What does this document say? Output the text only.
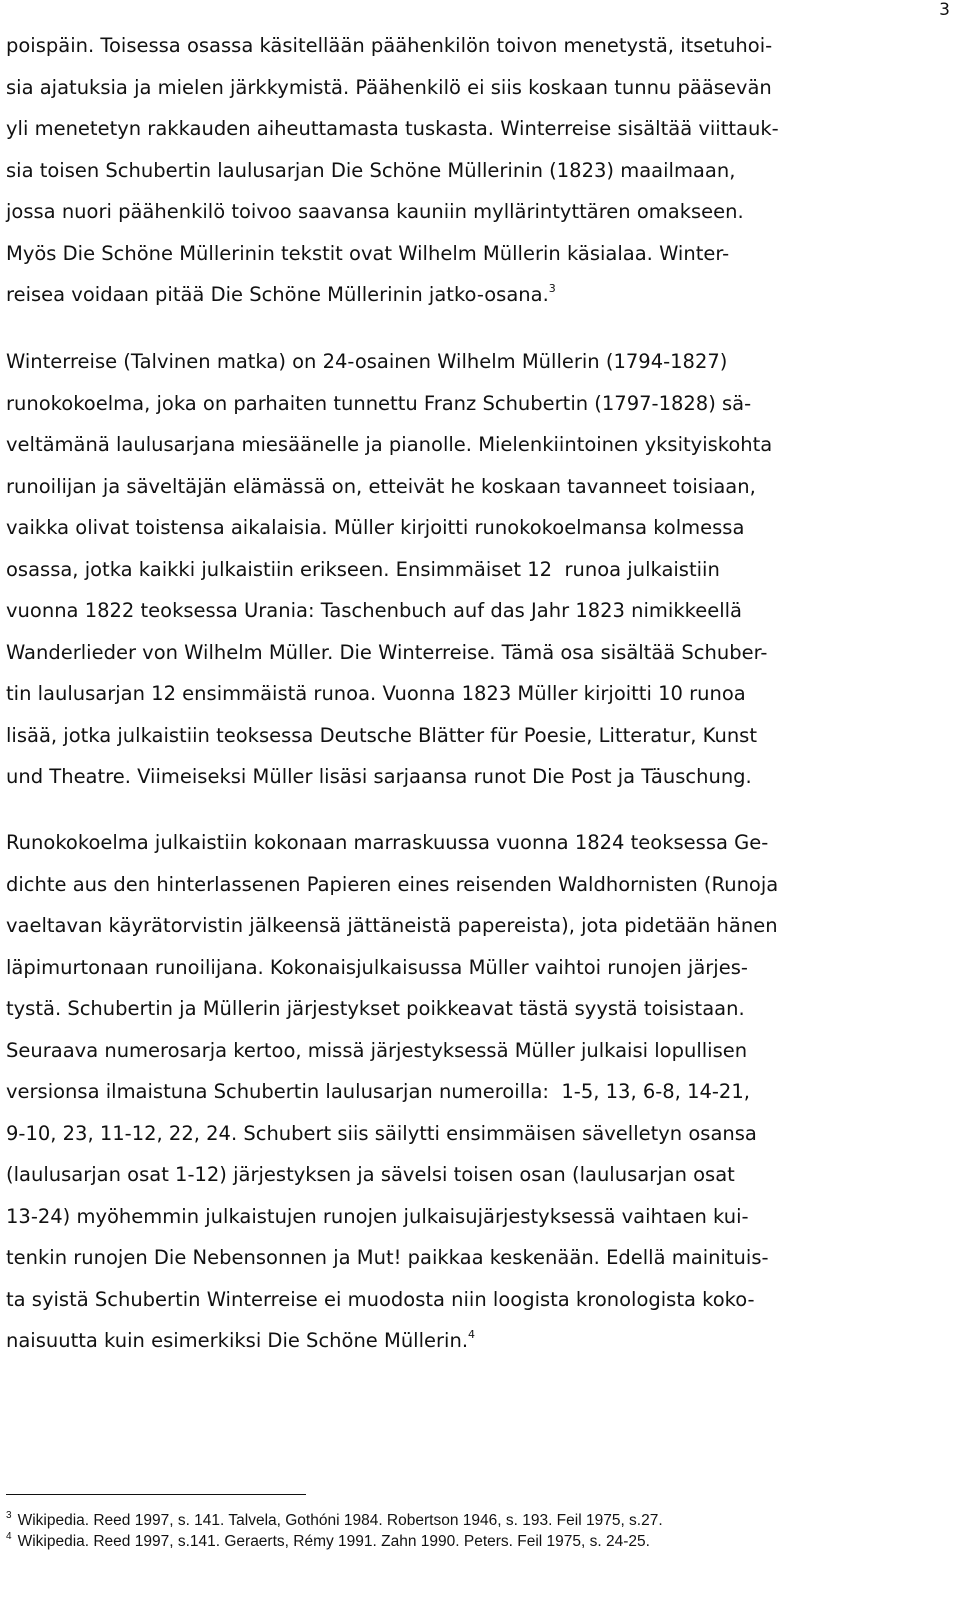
3
poispäin. Toisessa osassa käsitellään päähenkilön toivon menetystä, itsetuhoi-
sia ajatuksia ja mielen järkkymistä. Päähenkilö ei siis koskaan tunnu pääsevän
yli menetetyn rakkauden aiheuttamasta tuskasta. Winterreise sisältää viittauk-
sia toisen Schubertin laulusarjan Die Schöne Müllerinin (1823) maailmaan,
jossa nuori päähenkilö toivoo saavansa kauniin myllärintyttären omakseen.
Myös Die Schöne Müllerinin tekstit ovat Wilhelm Müllerin käsialaa. Winter-
reisea voidaan pitää Die Schöne Müllerinin jatko-osana.$^3$
Winterreise (Talvinen matka) on 24-osainen Wilhelm Müllerin (1794-1827)
runokokoelma, joka on parhaiten tunnettu Franz Schubertin (1797-1828) sä-
veltämänä laulusarjana miesäänelle ja pianolle. Mielenkiintoinen yksityiskohta
runoilijan ja säveltäjän elämässä on, etteivät he koskaan tavanneet toisiaan,
vaikka olivat toistensa aikalaisia. Müller kirjoitti runokokoelmansa kolmessa
osassa, jotka kaikki julkaistiin erikseen. Ensimmäiset 12  runoa julkaistiin
vuonna 1822 teoksessa Urania: Taschenbuch auf das Jahr 1823 nimikkeellä
Wanderlieder von Wilhelm Müller. Die Winterreise. Tämä osa sisältää Schuber-
tin laulusarjan 12 ensimmäistä runoa. Vuonna 1823 Müller kirjoitti 10 runoa
lisää, jotka julkaistiin teoksessa Deutsche Blätter für Poesie, Litteratur, Kunst
und Theatre. Viimeiseksi Müller lisäsi sarjaansa runot Die Post ja Täuschung.
Runokokoelma julkaistiin kokonaan marraskuussa vuonna 1824 teoksessa Ge-
dichte aus den hinterlassenen Papieren eines reisenden Waldhornisten (Runoja
vaeltavan käyrätorvistin jälkeensä jättäneistä papereista), jota pidetään hänen
läpimurtonaan runoilijana. Kokonaisjulkaisussa Müller vaihtoi runojen järjes-
tystä. Schubertin ja Müllerin järjestykset poikkeavat tästä syystä toisistaan.
Seuraava numerosarja kertoo, missä järjestyksessä Müller julkaisi lopullisen
versionsa ilmaistuna Schubertin laulusarjan numeroilla:  1-5, 13, 6-8, 14-21,
9-10, 23, 11-12, 22, 24. Schubert siis säilytti ensimmäisen sävelletyn osansa
(laulusarjan osat 1-12) järjestyksen ja sävelsi toisen osan (laulusarjan osat
13-24) myöhemmin julkaistujen runojen julkaisujärjestyksessä vaihtaen kui-
tenkin runojen Die Nebensonnen ja Mut! paikkaa keskenään. Edellä mainituis-
ta syistä Schubertin Winterreise ei muodosta niin loogista kronologista koko-
naisuutta kuin esimerkiksi Die Schöne Müllerin.$^4$
$^3$ Wikipedia. Reed 1997, s. 141. Talvela, Gothóni 1984. Robertson 1946, s. 193. Feil 1975, s.27.
$^4$ Wikipedia. Reed 1997, s.141. Geraerts, Rémy 1991. Zahn 1990. Peters. Feil 1975, s. 24-25.
